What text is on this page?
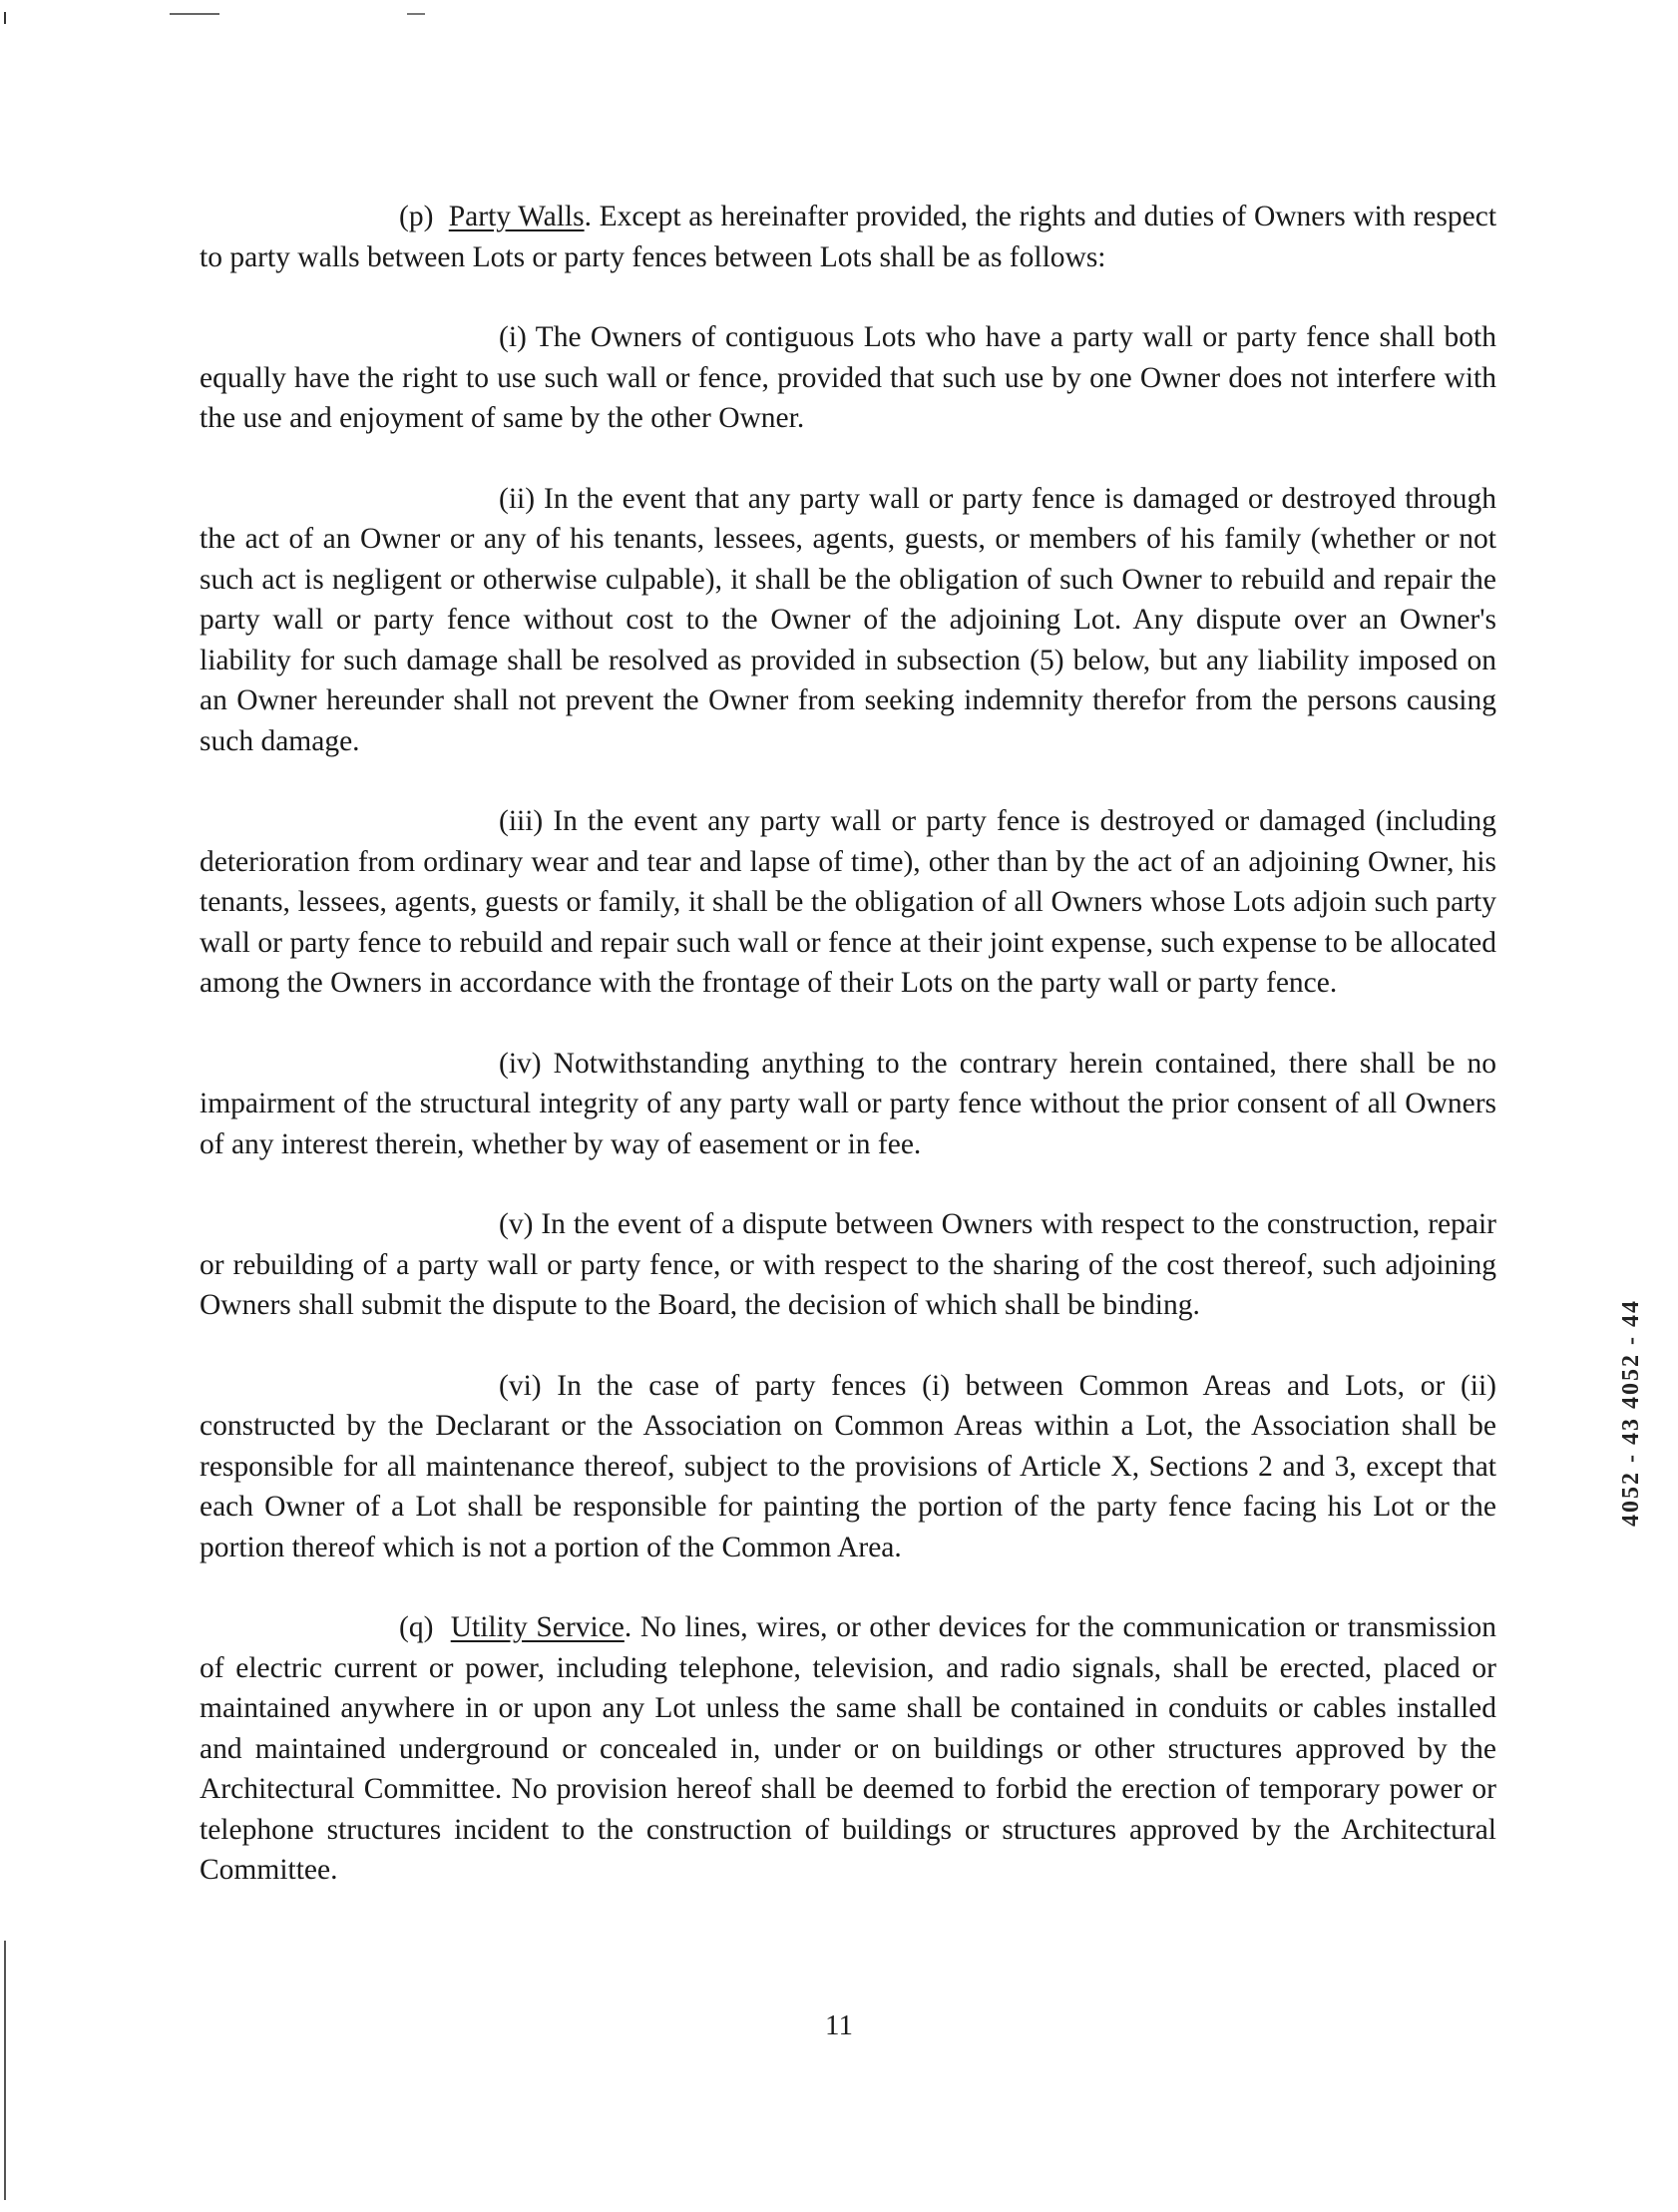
(p) Party Walls. Except as hereinafter provided, the rights and duties of Owners with respect to party walls between Lots or party fences between Lots shall be as follows:

(i) The Owners of contiguous Lots who have a party wall or party fence shall both equally have the right to use such wall or fence, provided that such use by one Owner does not interfere with the use and enjoyment of same by the other Owner.

(ii) In the event that any party wall or party fence is damaged or destroyed through the act of an Owner or any of his tenants, lessees, agents, guests, or members of his family (whether or not such act is negligent or otherwise culpable), it shall be the obligation of such Owner to rebuild and repair the party wall or party fence without cost to the Owner of the adjoining Lot. Any dispute over an Owner's liability for such damage shall be resolved as provided in subsection (5) below, but any liability imposed on an Owner hereunder shall not prevent the Owner from seeking indemnity therefor from the persons causing such damage.

(iii) In the event any party wall or party fence is destroyed or damaged (including deterioration from ordinary wear and tear and lapse of time), other than by the act of an adjoining Owner, his tenants, lessees, agents, guests or family, it shall be the obligation of all Owners whose Lots adjoin such party wall or party fence to rebuild and repair such wall or fence at their joint expense, such expense to be allocated among the Owners in accordance with the frontage of their Lots on the party wall or party fence.

(iv) Notwithstanding anything to the contrary herein contained, there shall be no impairment of the structural integrity of any party wall or party fence without the prior consent of all Owners of any interest therein, whether by way of easement or in fee.

(v) In the event of a dispute between Owners with respect to the construction, repair or rebuilding of a party wall or party fence, or with respect to the sharing of the cost thereof, such adjoining Owners shall submit the dispute to the Board, the decision of which shall be binding.

(vi) In the case of party fences (i) between Common Areas and Lots, or (ii) constructed by the Declarant or the Association on Common Areas within a Lot, the Association shall be responsible for all maintenance thereof, subject to the provisions of Article X, Sections 2 and 3, except that each Owner of a Lot shall be responsible for painting the portion of the party fence facing his Lot or the portion thereof which is not a portion of the Common Area.

(q) Utility Service. No lines, wires, or other devices for the communication or transmission of electric current or power, including telephone, television, and radio signals, shall be erected, placed or maintained anywhere in or upon any Lot unless the same shall be contained in conduits or cables installed and maintained underground or concealed in, under or on buildings or other structures approved by the Architectural Committee. No provision hereof shall be deemed to forbid the erection of temporary power or telephone structures incident to the construction of buildings or structures approved by the Architectural Committee.

4052 - 43 4052 - 44
11
